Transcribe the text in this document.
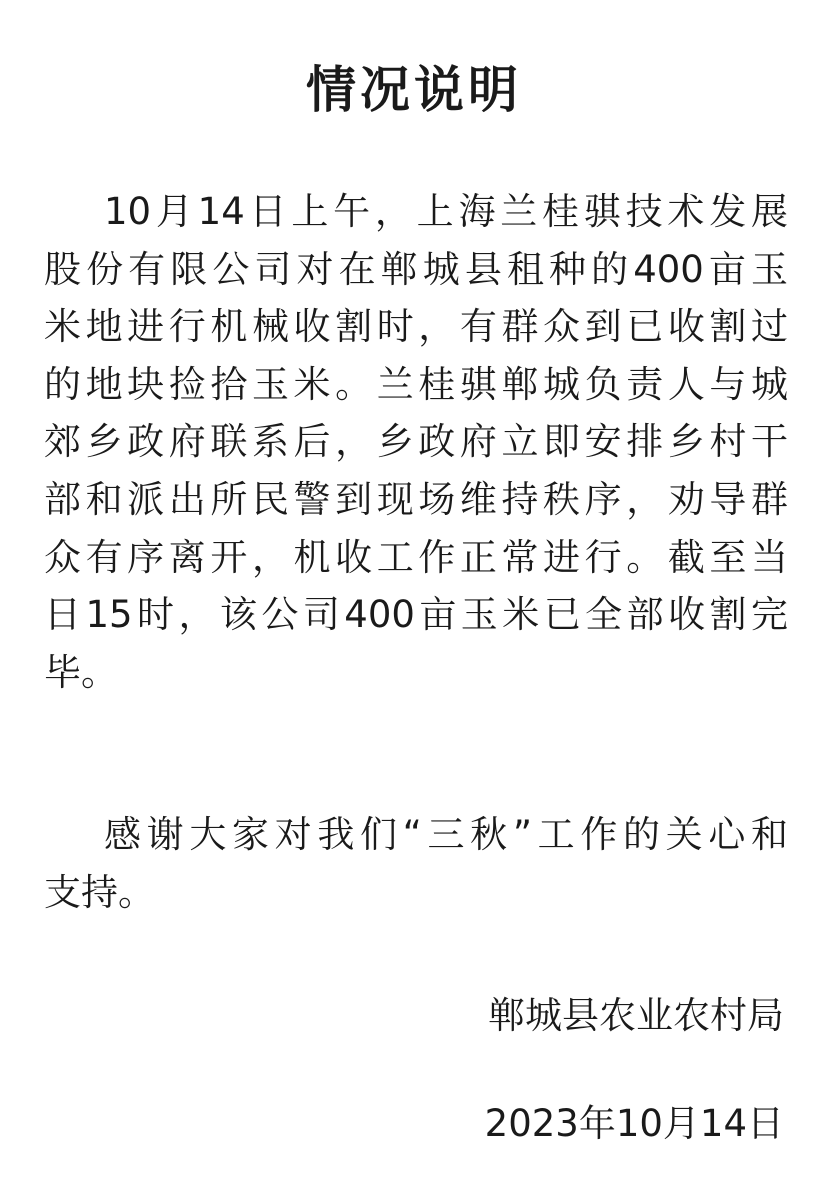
情况说明
10月14日上午，上海兰桂骐技术发展
股份有限公司对在郸城县租种的400亩玉
米地进行机械收割时，有群众到已收割过
的地块捡拾玉米。兰桂骐郸城负责人与城
郊乡政府联系后，乡政府立即安排乡村干
部和派出所民警到现场维持秩序，劝导群
众有序离开，机收工作正常进行。截至当
日15时，该公司400亩玉米已全部收割完
毕。
感谢大家对我们“三秋”工作的关心和
支持。
郸城县农业农村局
2023年10月14日
